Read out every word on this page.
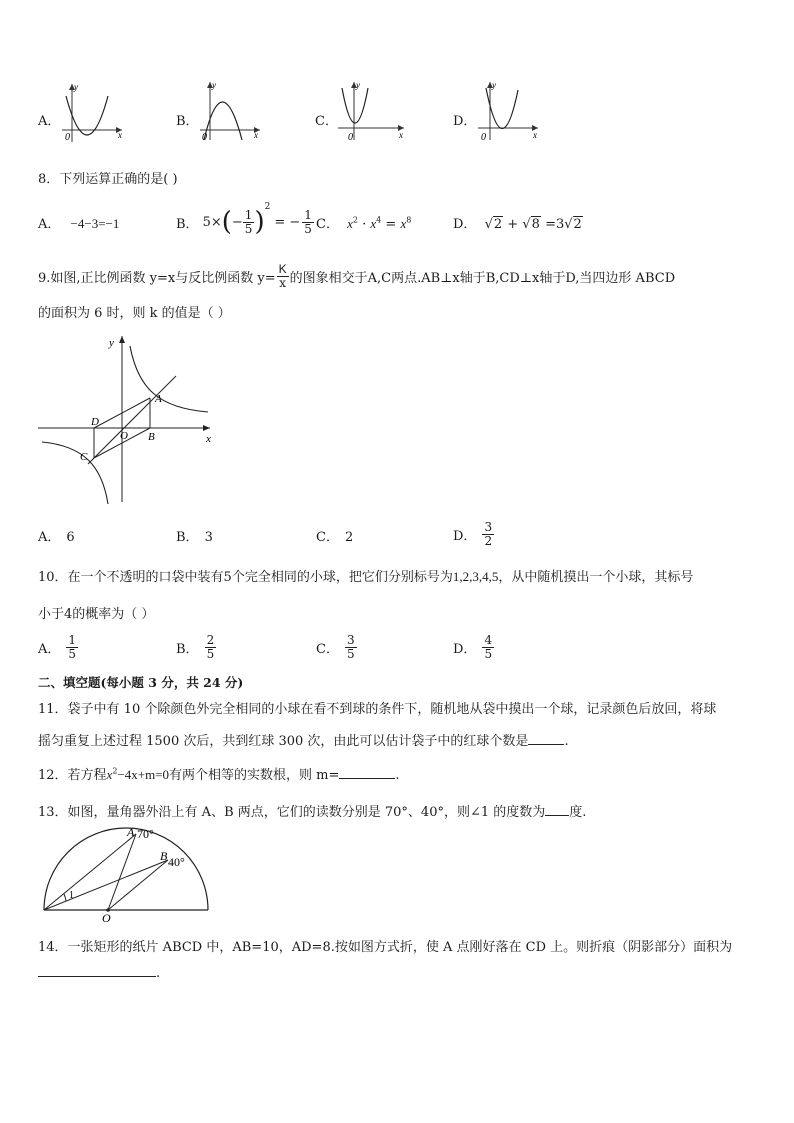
A．
x
y
0
B．
x
y
0
C．
x
y
0
D．
x
y
0
8．下列运算正确的是( )
A． −4−3=−1	B． 5× ( − $\frac{1}{5} )^2$
= − $\frac{1}{5}$ C． $x^2 \cdot x^4 = x^8$	D． √2 + √8 =3√2
9.如图,正比例函数 y=x与反比例函数 $y= \frac{K}{x}$ 的图象相交于A,C两点.AB⊥x轴于B,CD⊥x轴于D,当四边形 ABCD
的面积为 6 时，则 k 的值是（ ）
y
x
A
B
C
D
O
A． 6	B． 3	C． 2	D． $\frac{3}{2}$
10．在一个不透明的口袋中装有5个完全相同的小球，把它们分别标号为1,2,3,4,5，从中随机摸出一个小球，其标号
小于4的概率为（ ）
A． $\frac{1}{5}$	B． $\frac{2}{5}$	C． $\frac{3}{5}$	D． $\frac{4}{5}$
二、填空题(每小题 3 分，共 24 分)
11．袋子中有 10 个除颜色外完全相同的小球在看不到球的条件下，随机地从袋中摸出一个球，记录颜色后放回，将球
摇匀重复上述过程 1500 次后，共到红球 300 次，由此可以估计袋子中的红球个数是	.
12．若方程$x^2-4x+m=0$有两个相等的实数根，则 m=	.
13．如图，量角器外沿上有 A、B 两点，它们的读数分别是 70°、40°，则∠1 的度数为 度.
A 70°
B 40°
1
O
14．一张矩形的纸片 ABCD 中，AB=10，AD=8.按如图方式折，使 A 点刚好落在 CD 上。则折痕（阴影部分）面积为
.
